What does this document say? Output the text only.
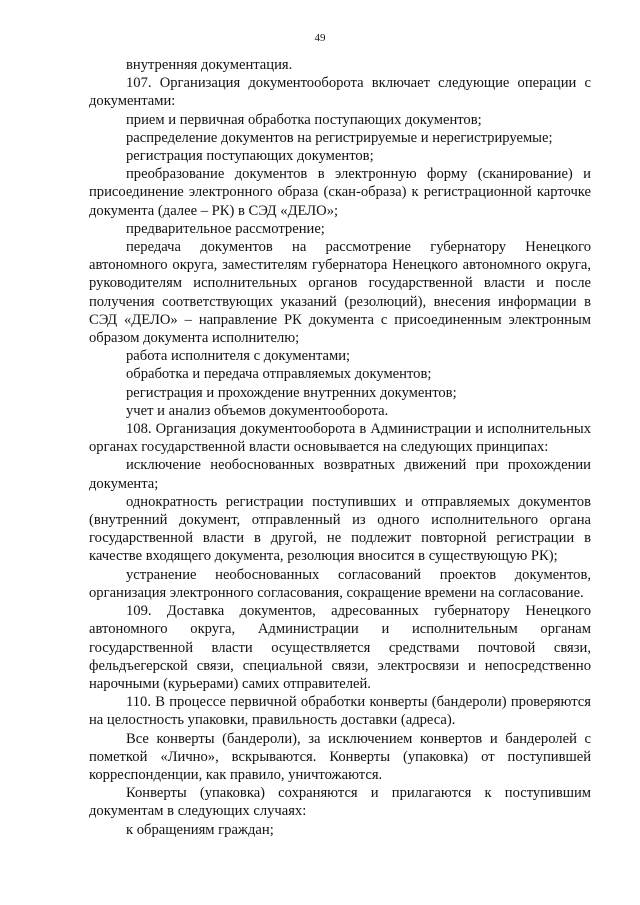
49

внутренняя документация.

107. Организация документооборота включает следующие операции с документами:

прием и первичная обработка поступающих документов;

распределение документов на регистрируемые и нерегистрируемые;

регистрация поступающих документов;

преобразование документов в электронную форму (сканирование) и присоединение электронного образа (скан-образа) к регистрационной карточке документа (далее – РК) в СЭД «ДЕЛО»;

предварительное рассмотрение;

передача документов на рассмотрение губернатору Ненецкого автономного округа, заместителям губернатора Ненецкого автономного округа, руководителям исполнительных органов государственной власти и после получения соответствующих указаний (резолюций), внесения информации в СЭД «ДЕЛО» – направление РК документа с присоединенным электронным образом документа исполнителю;

работа исполнителя с документами;

обработка и передача отправляемых документов;

регистрация и прохождение внутренних документов;

учет и анализ объемов документооборота.

108. Организация документооборота в Администрации и исполнительных органах государственной власти основывается на следующих принципах:

исключение необоснованных возвратных движений при прохождении документа;

однократность регистрации поступивших и отправляемых документов (внутренний документ, отправленный из одного исполнительного органа государственной власти в другой, не подлежит повторной регистрации в качестве входящего документа, резолюция вносится в существующую РК);

устранение необоснованных согласований проектов документов, организация электронного согласования, сокращение времени на согласование.

109. Доставка документов, адресованных губернатору Ненецкого автономного округа, Администрации и исполнительным органам государственной власти осуществляется средствами почтовой связи, фельдъегерской связи, специальной связи, электросвязи и непосредственно нарочными (курьерами) самих отправителей.

110. В процессе первичной обработки конверты (бандероли) проверяются на целостность упаковки, правильность доставки (адреса).

Все конверты (бандероли), за исключением конвертов и бандеролей с пометкой «Лично», вскрываются. Конверты (упаковка) от поступившей корреспонденции, как правило, уничтожаются.

Конверты (упаковка) сохраняются и прилагаются к поступившим документам в следующих случаях:

к обращениям граждан;
